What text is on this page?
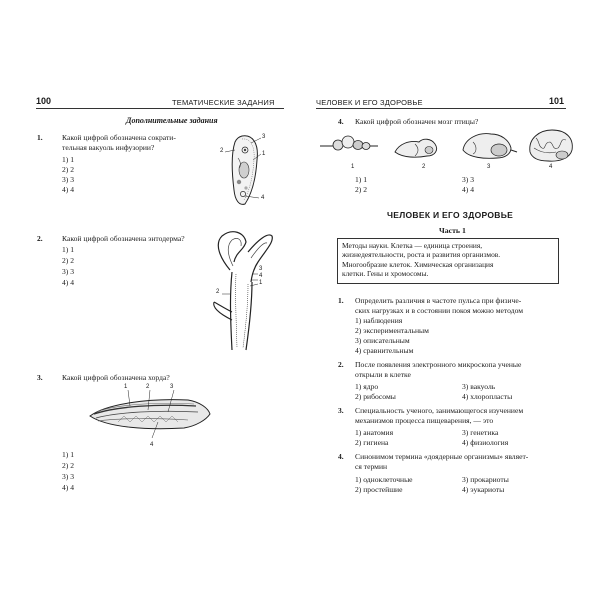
100	ТЕМАТИЧЕСКИЕ ЗАДАНИЯ
Дополнительные задания
1.	Какой цифрой обозначена сократи-
тельная вакуоль инфузории?
1) 1
2) 2
3) 3
4) 4
3
1
2
4
2.	Какой цифрой обозначена энтодерма?
1) 1
2) 2
3) 3
4) 4
3
4
1
2
3.	Какой цифрой обозначена хорда?
1	2	3
4
1) 1
2) 2
3) 3
4) 4
ЧЕЛОВЕК И ЕГО ЗДОРОВЬЕ	101
4. Какой цифрой обозначен мозг птицы?
1	2	3	4
1) 1	3) 3
2) 2	4) 4
ЧЕЛОВЕК И ЕГО ЗДОРОВЬЕ
Часть 1
Методы науки. Клетка — единица строения,
жизнедеятельности, роста и развития организмов.
Многообразие клеток. Химическая организация
клетки. Гены и хромосомы.
1. Определить различия в частоте пульса при физиче-
ских нагрузках и в состоянии покоя можно методом
1) наблюдения
2) экспериментальным
3) описательным
4) сравнительным
2. После появления электронного микроскопа ученые
открыли в клетке
1) ядро	3) вакуоль
2) рибосомы	4) хлоропласты
3. Специальность ученого, занимающегося изучением
механизмов процесса пищеварения, — это
1) анатомия	3) генетика
2) гигиена	4) физиология
4. Синонимом термина «доядерные организмы» являет-
ся термин
1) одноклеточные	3) прокариоты
2) простейшие	4) эукариоты
